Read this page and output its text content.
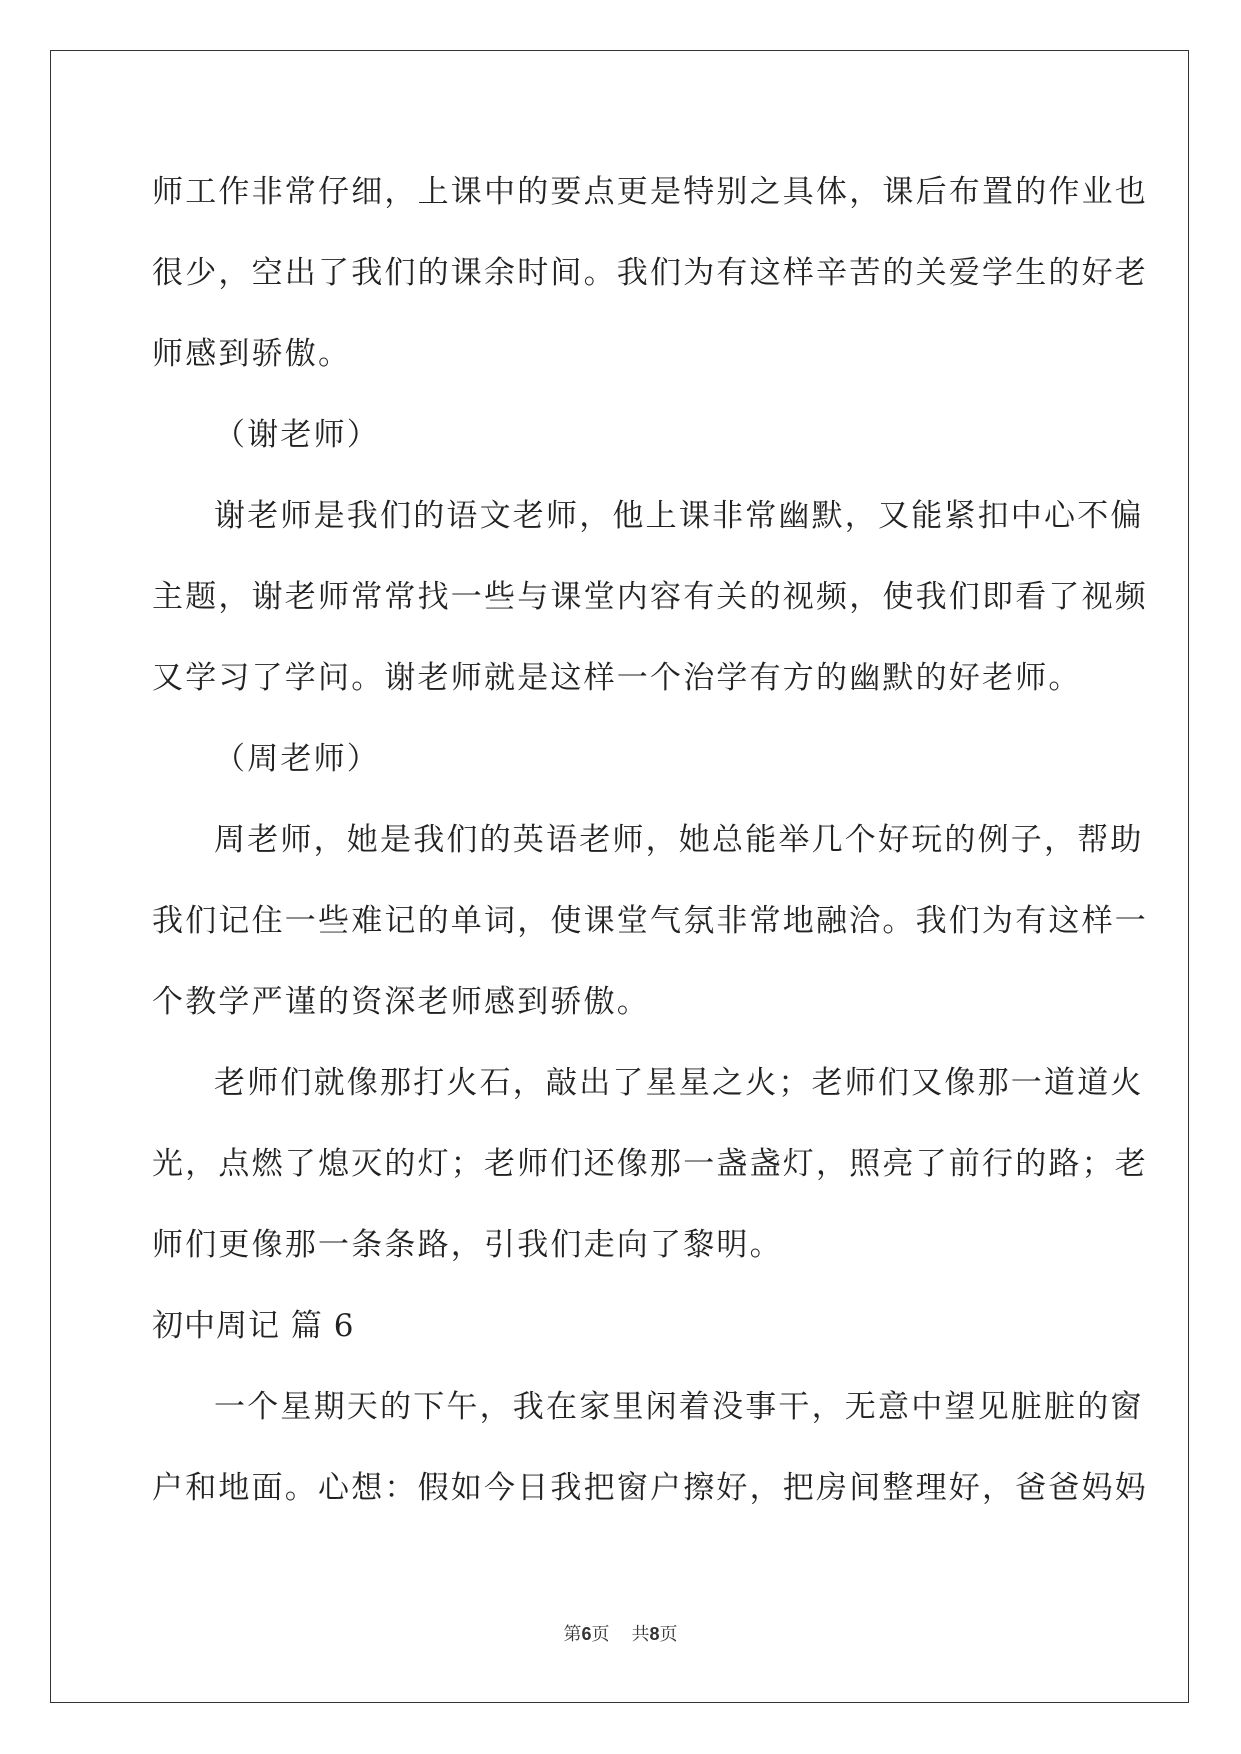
师工作非常仔细，上课中的要点更是特别之具体，课后布置的作业也
很少，空出了我们的课余时间。我们为有这样辛苦的关爱学生的好老
师感到骄傲。
（谢老师）
谢老师是我们的语文老师，他上课非常幽默，又能紧扣中心不偏
主题，谢老师常常找一些与课堂内容有关的视频，使我们即看了视频
又学习了学问。谢老师就是这样一个治学有方的幽默的好老师。
（周老师）
周老师，她是我们的英语老师，她总能举几个好玩的例子，帮助
我们记住一些难记的单词，使课堂气氛非常地融洽。我们为有这样一
个教学严谨的资深老师感到骄傲。
老师们就像那打火石，敲出了星星之火；老师们又像那一道道火
光，点燃了熄灭的灯；老师们还像那一盏盏灯，照亮了前行的路；老
师们更像那一条条路，引我们走向了黎明。
初中周记 篇 6
一个星期天的下午，我在家里闲着没事干，无意中望见脏脏的窗
户和地面。心想：假如今日我把窗户擦好，把房间整理好，爸爸妈妈
第6页 共8页
